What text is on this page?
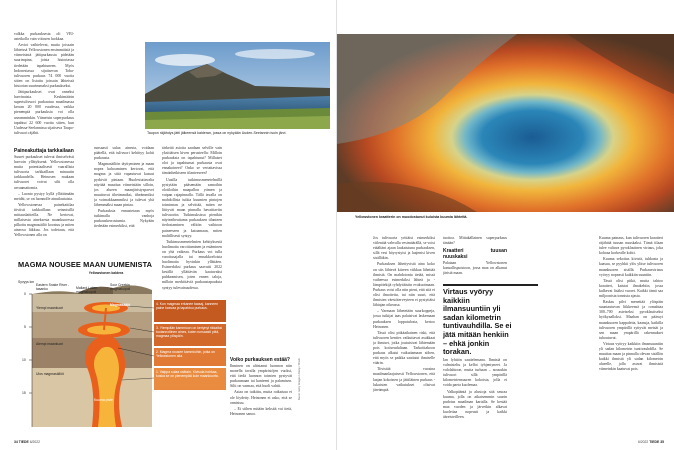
valkka purkauksesta oli VEI-asteikolla vain viitosen luokkaa.

Arviot vaihtelevat, mutta joissain lähteissä Yellowstonen ensimmäistä ja viimeisintä jättipurkausta pidetään suurimpina, joista historiassa tiedetään tapahtuneen. Myös Indonesiassa sijaitsevan Toba-tulivuoren purkaus 74 000 vuotta sitten on listattu joissain lähteissä historian suurimmaksi purkaukseksi.

Jättipurkaukset ovat onneksi harvinaisia. Keskimäärin supertulivuori purkautuu maailmassa kerran 20 000 vuodessa, vaikka pienempiä purkauksia voi olla useamminkin. Viimeisin superpurkaus tapahtui 22 600 vuotta sitten, kun Uudessa-Seelannissa sijaitseva Taupo-tulivuori räjähti.

Paineakuttaja tarkkailaan

Suuret purkaukset tulevat ilmiselvästi harvoin yllätyksenä. Yellowstonessa muita potentiaalisesti vaarallisia tulivuoria tarkkaillaan minuutin tarkkuudella. Heinosen mukaan tulivuoret voivat silti olla arvaamattomia.

– Luonto pystyy kyllä yllättämään meidät, se on luonnolle ainutlaatuista.

Yellowstonessa painekattilaa tiiviisti tarkkaillaan seismisillä mittauslaitteilla. Ne kertovat, millaisesta aineksesta maankuoressa pilkottu magmasäiliö koostuu ja miten aineosa liikkuu. Jos todetaan, että Yellowstonen alla on

Taupon räjähdys jätti jälkeensä kalderan, jossa on nykyään Uuden-Seelannin isoin järvi.

runsaasti sulaa ainesta, voidaan päätellä, että tulivuori kehittyy kohti purkausta.

Magmasäiliön täyttyminen ja maan nopea kohoaminen kertovat, että magma ja siitä vapautuvat kaasut pyrkivät pintaan. Huolestuttavalta näyttää muuttua viimeistään silloin, jos alueen maanjäristysparvet muuttuvat tiheämmiksi, tiheämmiksi ja voimakkaammiksi ja tulevat yhä lähemmäksi maan pintaa.

Purkauksia ennustetaan myös tutkimalla vanhoja purkauskerrostumia. Nykyään tiedetään esimerkiksi, että

tärkeitä asioita saadaan selville vain yksittäisen kiven perusteella: Milloin purkauksia on tapahtunut? Millaiset olot ja tapahtumat purkausta ovat ennakoineet? Onko se vertattavissa tämänhetkiseen tilanteeseen?

Uusilla tutkimusmenetelmillä pystytään pääsemään samoihin olotiloihin maapallon ytimen ja vaipan rajapinnalla. Tällä tavalla on mahdollista tutkia kuumien pintojen toiminnan ja selvittää, miten ne liittyvät maan pinnalla havaittaviin tulivuoriin. Tutkimuksissa pienikin näyteaiheuttama purkauksen tilanteen tiedostaminen välitön vaihtoon paineeseen ja katoamaan, miten maltillisesti syntyy.

Tutkimusmenetelmien kehityksestä huolimatta varoittaminen ja estäminen on yhä vaikeaa. Purkaus voi tulla varoitusajalla tai ennakkoeloista huolimatta hyvinkin yllättäen. Esimerkiksi purkaus saavutti 2022 kesällä yllättävän kaatuvaksi puhkeamisen, joten ennen taloja, milloin merkittäviä purkaustapauksia syntyy tulevaisuudessa.

Voiko purkauksen estää?

Ihminen on altistanut luonnon niin monella tavalla ympäristöjen vuoksi, että tiedä luonnon toimien pystyvät purkaumaan tai kanteeni ja palamisen. Silti on varmaa, että huoli vahtii.

Asiaa on tutkittu, mutta ratkaisua ei ole löydetty. Heinonen ei usko, että se onnistuu.

– Ei siihen mitään keksitä vai tietä, Heinonen sanoo.

Kuvat: Getty Images / Alamy / iStock
MAGMA NOUSEE MAAN UUMENISTA
Syvyys km
0
5
10
15
Eastern Snake River -tasanko	Mallard Laken magmakupoli
Sour Creekin magmakupoli
Yellowstonen kaldera
Ylempi maankuori
Alempi maankuori
Ulos magmasäiliöt
Magmasäiliö
Kuuma piste
4. Kun magmaa erkanee taasaj, kanneen paine kasvaa ja tapahtuu purkaus.
3. Ylempään kammioon on kertynyt rikkaiksi tuotannollinen aines, kuten runsaasti piitä, magmaa ylöspäin.
2. Magma nousee kammioihin, jotka on Yellowstonen alla.
1. Vaippa sulaa osittain. Kivisula hohkaa, koska se on pienempää kuin maankuorta.
34 TIEDE 6/2022
Yellowstonen kraatterin on muodostunut kuluista kuumia lähteitä.

Jos tulivuorta yrittäisi esimerkiksi viilentää vahvalla vesimäärällä, se voisi etäältäni ajaan laukaistuna purkauksen, sillä vesi höyrystyisi ja laajenisi kiven sisälläkin.

Purkauksen lähettyvistä aina koko on siis lähtevä kiireen viikkaa lähettää ihmisiä. On mahdotonta tietää, missä vaiheessa esimerkiksi lähteä ja -lämpötekijä ryhdyttäisiin evakuoimaan. Purkaus voisi olla niin pieni, että sitä ei olisi ilmoitettu, tai niin suuri, että ihmisten väestöterveyteen ei pystyttäisi lähiajan oikeassa.

– Varmaan lähetetään suurkoppeja, jossa tutkijat taas palaisivat laskemaan purkauksen lopputulosta, kertoo Heinonen.

Tässä olisi pitkäaikainen riski, että tulivuoren kenties vaikuttavat asukkaat ja ihmiset, jotka joutuisivat lähtemään pois kotiseudultaan. Tarkoittakoon purkaus alkaisi vaikuttamaan siihen, että myös se paikka saattaisi ihmiselle väärin.

Tiivistää vuosina maailmanlaajuisesti Yellowstonen, että laajan kokoinen ja jättiläinen purkaus -lukuisten vaikutukset olisivat järeämpiä.

tuottoa. Mittakällainen superpurkaus tänään?

Kraatteri tuusan nuuskaksi

Palataan Yellowstonen kansallispuistoon, jossa maa on alkanut järisiä maan.

Virtaus vyöryy kaikkiin ilmansuuntiin yli sadan kilometrin tuntivauhdilla. Se ei jätä mitään henkiin – ehkä jonkin torakan.

Ian lyhtiön saattelemana. Ihmisiä on valmisteltu ja kellot tyhjentyneet. Ja valolahtoon, mutta turhaan – nousukin tulivuori sillä ympärillä kilometriensuuren kokoista, jolla ei voida paeta kuolemaa.

Valkopääntä ja alustoja sitä seuraa kuuma, jolla on aikaisemmin suurin pudotus maailman kartalla. Se kestää maa vuoden ja järvetkin alkavat kuolettaa nopeasti ja kaikki ääreisteilleen.

Kuuma painaus, kun tulivuoren kraatteri räjähtää tuusan nuuskaksi. Tämä tilaan tulee valtava pyroklastinen virtaus, joka kohoaa korkealle kohti.

Kuuma sekoitus kivistä, tuhkasta ja kaasua, se pyyhkii ylös ylitse tulivuoren maankuoren sisällä. Purkausvirtaus vyöryy nopeasti kaikkiin suuntiin.

Tässä olisi pitkä, mutta tahtoo kraatteri, kaistat ilmakehiin, jossa kulkevat lisäksi vuoret. Kaikki tämä saa miljoonista tonnista ajasta.

Raskas pilvi menettää ylöspäin suuntautuvan liikkeensä ja romahtaa 300–700 asteiseksi pyroklastiseksi hyökyaalloksi. Maahan on päässyt maankuoren kappaleita, kaasuja, kaikilla tulivuoren ympärillä syttyvät metsät ja sen maan ympärillä rakennukset tuhoutuvat.

Virtaus vyöryy kaikkiin ilmansuuntiin yli sadan kilometrin tuntivauhdilla. Se muuttaa maan ja pinnalla olevan sisällön kaikki ihmistä yli sadan kilometrin alueelle, jolla asuvat ihmisistä viimeinkin kaatuvat pois.

6/2022 TIEDE 35
